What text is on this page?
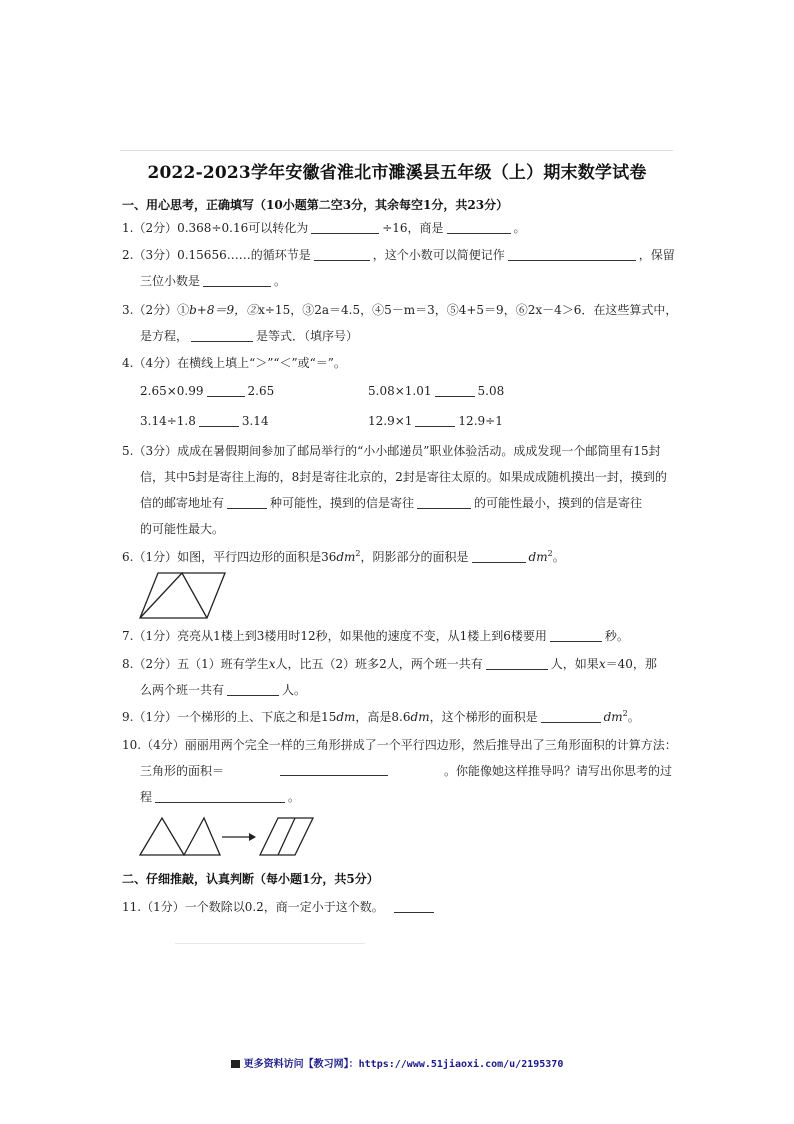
2022-2023学年安徽省淮北市濉溪县五年级（上）期末数学试卷
一、用心思考，正确填写（10小题第二空3分，其余每空1分，共23分）
1.（2分）0.368÷0.16可以转化为	÷16，商是	。
2.（3分）0.15656……的循环节是	，这个小数可以简便记作	，保留
三位小数是	。
3.（2分）①b+8＝9，②x÷15，③2a＝4.5，④5－m＝3，⑤4+5＝9，⑥2x－4＞6．在这些算式中，
是方程，	是等式．（填序号）
4.（4分）在横线上填上“＞”“＜”或“＝”。
2.65×0.99	2.65	5.08×1.01	5.08
3.14÷1.8	3.14	12.9×1	12.9÷1
5.（3分）成成在暑假期间参加了邮局举行的“小小邮递员”职业体验活动。成成发现一个邮筒里有15封
信，其中5封是寄往上海的，8封是寄往北京的，2封是寄往太原的。如果成成随机摸出一封，摸到的
信的邮寄地址有	种可能性，摸到的信是寄往	的可能性最小，摸到的信是寄往
的可能性最大。
6.（1分）如图，平行四边形的面积是$36dm^2$，阴影部分的面积是	$dm^2$。
7.（1分）亮亮从1楼上到3楼用时12秒，如果他的速度不变，从1楼上到6楼要用	秒。
8.（2分）五（1）班有学生x人，比五（2）班多2人，两个班一共有	人，如果x＝40，那
么两个班一共有	人。
9.（1分）一个梯形的上、下底之和是15dm，高是8.6dm，这个梯形的面积是	$dm^2$。
10.（4分）丽丽用两个完全一样的三角形拼成了一个平行四边形，然后推导出了三角形面积的计算方法：
三角形的面积＝	。你能像她这样推导吗？请写出你思考的过
程	。
二、仔细推敲，认真判断（每小题1分，共5分）
11.（1分）一个数除以0.2，商一定小于这个数。
更多资料访问【教习网】：https://www.51jiaoxi.com/u/2195370
